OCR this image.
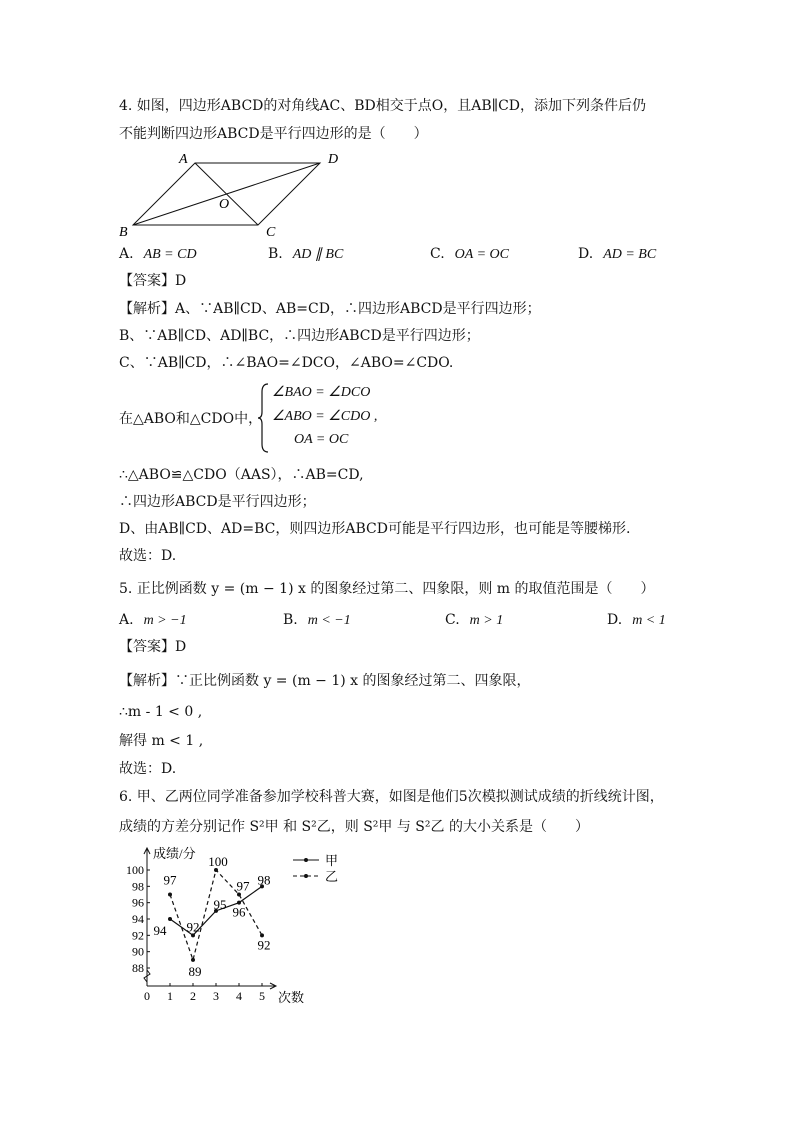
4. 如图，四边形ABCD的对角线AC、BD相交于点O，且AB∥CD，添加下列条件后仍
不能判断四边形ABCD是平行四边形的是（　　）
A	D
B	C
O
A. AB = CD	B. AD ∥ BC	C. OA = OC	D. AD = BC
【答案】D
【解析】A、∵AB∥CD、AB=CD，∴四边形ABCD是平行四边形；
B、∵AB∥CD、AD∥BC，∴四边形ABCD是平行四边形；
C、∵AB∥CD，∴∠BAO=∠DCO，∠ABO=∠CDO.
在△ABO和△CDO中，
∠BAO = ∠DCO
∠ABO = ∠CDO ,
OA = OC
∴△ABO≌△CDO（AAS），∴AB=CD,
∴四边形ABCD是平行四边形；
D、由AB∥CD、AD=BC，则四边形ABCD可能是平行四边形，也可能是等腰梯形.
故选：D.
5. 正比例函数 y = (m − 1) x 的图象经过第二、四象限，则 m 的取值范围是（　　）
A. m > −1	B. m < −1	C. m > 1	D. m < 1
【答案】D
【解析】∵正比例函数 y = (m − 1) x 的图象经过第二、四象限，
∴m - 1 < 0 ,
解得 m < 1 ,
故选：D.
6. 甲、乙两位同学准备参加学校科普大赛，如图是他们5次模拟测试成绩的折线统计图，
成绩的方差分别记作 S²甲 和 S²乙，则 S²甲 与 S²乙 的大小关系是（　　）
88
90
92
94
96
98
100
0 1 2 3 4 5 次数
成绩/分
94 92
95
96
98
97
89
100
97
92
甲
乙
